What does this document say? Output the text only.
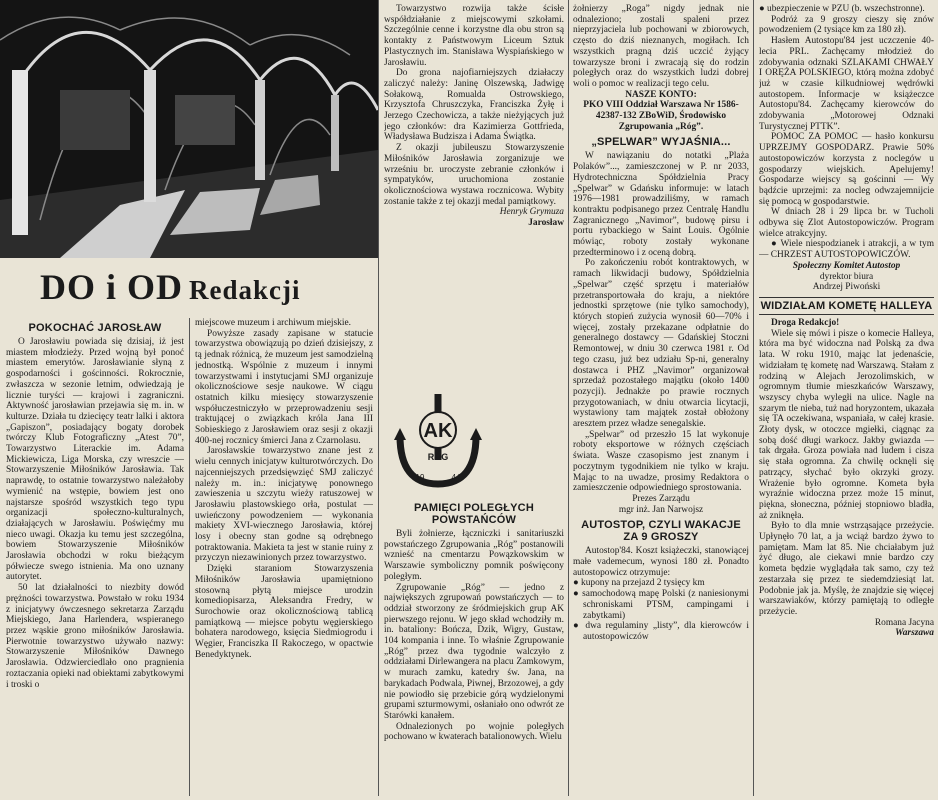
DO i OD Redakcji
POKOCHAĆ JAROSŁAW

O Jarosławiu powiada się dzisiaj, iż jest miastem młodzieży. Przed wojną był ponoć miastem emerytów. Jarosławianie słyną z gospodarności i gościnności. Rokrocznie, zwłaszcza w sezonie letnim, odwiedzają je licznie turyści — krajowi i zagraniczni. Aktywność jarosławian przejawia się m. in. w kulturze. Działa tu dziecięcy teatr lalki i aktora „Gapiszon”, posiadający bogaty dorobek twórczy Klub Fotograficzny „Atest 70”, Towarzystwo Literackie im. Adama Mickiewicza, Liga Morska, czy wreszcie — Stowarzyszenie Miłośników Jarosławia. Tak naprawdę, to ostatnie towarzystwo należałoby wymienić na wstępie, bowiem jest ono najstarsze spośród wszystkich tego typu organizacji społeczno-kulturalnych, działających w Jarosławiu. Poświęćmy mu nieco uwagi. Okazja ku temu jest szczególna, bowiem Stowarzyszenie Miłośników Jarosławia obchodzi w roku bieżącym półwiecze swego istnienia. Ma ono uznany autorytet.

50 lat działalności to niezbity dowód prężności towarzystwa. Powstało w roku 1934 z inicjatywy ówczesnego sekretarza Zarządu Miejskiego, Jana Harlendera, wspieranego przez wąskie grono miłośników Jarosławia. Pierwotnie towarzystwo używało nazwy: Stowarzyszenie Miłośników Dawnego Jarosławia. Odzwierciedlało ono pragnienia roztaczania opieki nad obiektami zabytkowymi i troski o

miejscowe muzeum i archiwum miejskie.

Powyższe zasady zapisane w statucie towarzystwa obowiązują po dzień dzisiejszy, z tą jednak różnicą, że muzeum jest samodzielną jednostką. Wspólnie z muzeum i innymi towarzystwami i instytucjami SMJ organizuje okolicznościowe sesje naukowe. W ciągu ostatnich kilku miesięcy stowarzyszenie współuczestniczyło w przeprowadzeniu sesji traktującej o związkach króla Jana III Sobieskiego z Jarosławiem oraz sesji z okazji 400-nej rocznicy śmierci Jana z Czarnolasu.

Jarosławskie towarzystwo znane jest z wielu cennych inicjatyw kulturotwórczych. Do najcenniejszych przedsięwzięć SMJ zaliczyć należy m. in.: inicjatywę ponownego zawieszenia u szczytu wieży ratuszowej w Jarosławiu plastowskiego orła, postulat — uwieńczony powodzeniem — wykonania makiety XVI-wiecznego Jarosławia, której losy i obecny stan godne są odrębnego potraktowania. Makieta ta jest w stanie ruiny z przyczyn niezawinionych przez towarzystwo.

Dzięki staraniom Stowarzyszenia Miłośników Jarosławia upamiętniono stosowną płytą miejsce urodzin komediopisarza, Aleksandra Fredry, w Surochowie oraz okolicznościową tablicą pamiątkową — miejsce pobytu węgierskiego bohatera narodowego, księcia Siedmiogrodu i Węgier, Franciszka II Rakoczego, w opactwie Benedyktynek.

Towarzystwo rozwija także ścisłe współdziałanie z miejscowymi szkołami. Szczególnie cenne i korzystne dla obu stron są kontakty z Państwowym Liceum Sztuk Plastycznych im. Stanisława Wyspiańskiego w Jarosławiu.

Do grona najofiarniejszych działaczy zaliczyć należy: Janinę Olszewską, Jadwigę Sołakową, Romualda Ostrowskiego, Krzysztofa Chruszczyka, Franciszka Żyłę i Jerzego Czechowicza, a także nieżyjących już jego członków: dra Kazimierza Gottfrieda, Władysława Budzisza i Adama Świątka.

Z okazji jubileuszu Stowarzyszenie Miłośników Jarosławia zorganizuje we wrześniu br. uroczyste zebranie członków i sympatyków, uruchomiona zostanie okolicznościowa wystawa rocznicowa. Wybity zostanie także z tej okazji medal pamiątkowy.

Henryk Grymuza

Jarosław

AK
RÓG
19	44
PAMIĘCI POLEGŁYCH POWSTAŃCÓW

Byli żołnierze, łączniczki i sanitariuszki powstańczego Zgrupowania „Róg” postanowili wznieść na cmentarzu Powązkowskim w Warszawie symboliczny pomnik poświęcony poległym.

Zgrupowanie „Róg” — jedno z największych zgrupowań powstańczych — to oddział stworzony ze śródmiejskich grup AK pierwszego rejonu. W jego skład wchodziły m. in. bataliony: Bończa, Dzik, Wigry, Gustaw, 104 kompania i inne. To właśnie Zgrupowanie „Róg” przez dwa tygodnie walczyło z oddziałami Dirlewangera na placu Zamkowym, w murach zamku, katedry św. Jana, na barykadach Podwala, Piwnej, Brzozowej, a gdy nie powiodło się przebicie górą wydzielonymi grupami szturmowymi, osłaniało ono odwrót ze Starówki kanałem.

Odnalezionych po wojnie poległych pochowano w kwaterach batalionowych. Wielu

żołnierzy „Roga” nigdy jednak nie odnaleziono; zostali spaleni przez nieprzyjaciela lub pochowani w zbiorowych, często do dziś nieznanych, mogiłach. Ich wszystkich pragną dziś uczcić żyjący towarzysze broni i zwracają się do rodzin poległych oraz do wszystkich ludzi dobrej woli o pomoc w realizacji tego celu.

NASZE KONTO:

PKO VIII Oddział Warszawa Nr 1586-42387-132 ZBoWiD, Środowisko Zgrupowania „Róg”.

„SPELWAR” WYJAŚNIA...

W nawiązaniu do notatki „Plaża Polaków”..., zamieszczonej w P. nr 2033, Hydrotechniczna Spółdzielnia Pracy „Spelwar” w Gdańsku informuje: w latach 1976—1981 prowadziliśmy, w ramach kontraktu podpisanego przez Centralę Handlu Zagranicznego „Navimor”, budowę pirsu i portu rybackiego w Saint Louis. Ogólnie mówiąc, roboty zostały wykonane przedterminowo i z oceną dobrą.

Po zakończeniu robót kontraktowych, w ramach likwidacji budowy, Spółdzielnia „Spelwar” część sprzętu i materiałów przetransportowała do kraju, a niektóre jednostki sprzętowe (nie tylko samochody), których stopień zużycia wynosił 60—70% i więcej, zostały przekazane odpłatnie do generalnego dostawcy — Gdańskiej Stoczni Remontowej, w dniu 30 czerwca 1981 r. Od tego czasu, już bez udziału Sp-ni, generalny dostawca i PHZ „Navimor” organizował sprzedaż pozostałego majątku (około 1400 pozycji). Jednakże po prawie rocznych przygotowaniach, w dniu otwarcia licytacji, wystawiony tam majątek został obłożony aresztem przez władze senegalskie.

„Spelwar” od przeszło 15 lat wykonuje roboty eksportowe w różnych częściach świata. Wasze czasopismo jest znanym i poczytnym tygodnikiem nie tylko w kraju. Mając to na uwadze, prosimy Redaktora o zamieszczenie odpowiedniego sprostowania.

Prezes Zarządu

mgr inż. Jan Narwojsz

AUTOSTOP, CZYLI WAKACJE ZA 9 GROSZY

Autostop'84. Koszt książeczki, stanowiącej małe vademecum, wynosi 180 zł. Ponadto autostopowicz otrzymuje:

● kupony na przejazd 2 tysięcy km

● samochodową mapę Polski (z naniesionymi schroniskami PTSM, campingami i zabytkami)

● dwa regulaminy „listy”, dla kierowców i autostopowiczów

● ubezpieczenie w PZU (b. wszechstronne).

Podróż za 9 groszy cieszy się znów powodzeniem (2 tysiące km za 180 zł).

Hasłem Autostopu'84 jest uczczenie 40-lecia PRL. Zachęcamy młodzież do zdobywania odznaki SZLAKAMI CHWAŁY I ORĘŻA POLSKIEGO, którą można zdobyć już w czasie kilkudniowej wędrówki autostopem. Informacje w książeczce Autostopu'84. Zachęcamy kierowców do zdobywania „Motorowej Odznaki Turystycznej PTTK”.

POMOC ZA POMOC — hasło konkursu UPRZEJMY GOSPODARZ. Prawie 50% autostopowiczów korzysta z noclegów u gospodarzy wiejskich. Apelujemy! Gospodarze wiejscy są gościnni — Wy bądźcie uprzejmi: za nocleg odwzajemnijcie się pomocą w gospodarstwie.

W dniach 28 i 29 lipca br. w Tucholi odbywa się Zlot Autostopowiczów. Program wielce atrakcyjny.

● Wiele niespodzianek i atrakcji, a w tym — CHRZEST AUTOSTOPOWICZÓW.

Społeczny Komitet Autostop

dyrektor biura

Andrzej Piwoński

WIDZIAŁAM KOMETĘ HALLEYA

Droga Redakcjo!

Wiele się mówi i pisze o komecie Halleya, która ma być widoczna nad Polską za dwa lata. W roku 1910, mając lat jedenaście, widziałam tę kometę nad Warszawą. Stałam z rodziną w Alejach Jerozolimskich, w ogromnym tłumie mieszkańców Warszawy, wszyscy chyba wyległi na ulice. Nagle na szarym tle nieba, tuż nad horyzontem, ukazała się TA oczekiwana, wspaniała, w całej krasie. Złoty dysk, w otoczce mgiełki, ciągnąc za sobą dość długi warkocz. Jakby gwiazda — tak drgała. Groza powiała nad ludem i cisza się stała ogromna. Za chwilę ocknęli się patrzący, słychać było okrzyki grozy. Wrażenie było ogromne. Kometa była wyraźnie widoczna przez może 15 minut, piękna, słoneczna, później stopniowo bladła, aż zniknęła.

Było to dla mnie wstrząsające przeżycie. Upłynęło 70 lat, a ja wciąż bardzo żywo to pamiętam. Mam lat 85. Nie chciałabym już żyć długo, ale ciekawi mnie bardzo czy kometa będzie wyglądała tak samo, czy też zestarzała się przez te siedemdziesiąt lat. Podobnie jak ja. Myślę, że znajdzie się więcej warszawiaków, którzy pamiętają to odległe przeżycie.

Romana Jacyna

Warszawa
